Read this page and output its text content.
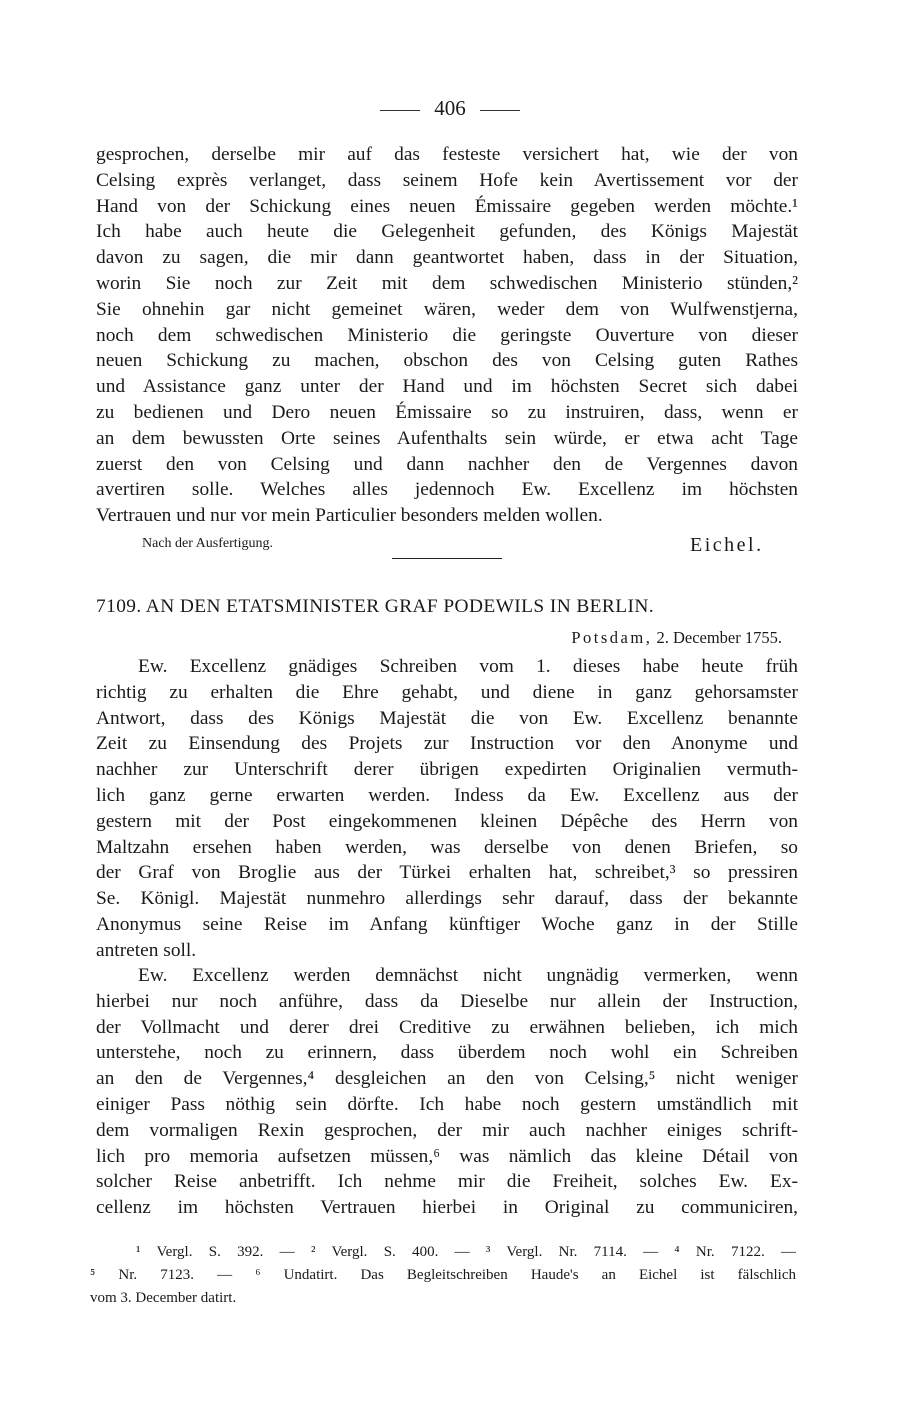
406
gesprochen, derselbe mir auf das festeste versichert hat, wie der von
Celsing exprès verlanget, dass seinem Hofe kein Avertissement vor der
Hand von der Schickung eines neuen Émissaire gegeben werden möchte.¹
Ich habe auch heute die Gelegenheit gefunden, des Königs Majestät
davon zu sagen, die mir dann geantwortet haben, dass in der Situation,
worin Sie noch zur Zeit mit dem schwedischen Ministerio stünden,²
Sie ohnehin gar nicht gemeinet wären, weder dem von Wulfwenstjerna,
noch dem schwedischen Ministerio die geringste Ouverture von dieser
neuen Schickung zu machen, obschon des von Celsing guten Rathes
und Assistance ganz unter der Hand und im höchsten Secret sich dabei
zu bedienen und Dero neuen Émissaire so zu instruiren, dass, wenn er
an dem bewussten Orte seines Aufenthalts sein würde, er etwa acht Tage
zuerst den von Celsing und dann nachher den de Vergennes davon
avertiren solle. Welches alles jedennoch Ew. Excellenz im höchsten
Vertrauen und nur vor mein Particulier besonders melden wollen.
Nach der Ausfertigung.	Eichel.
7109. AN DEN ETATSMINISTER GRAF PODEWILS IN BERLIN.
Potsdam, 2. December 1755.
Ew. Excellenz gnädiges Schreiben vom 1. dieses habe heute früh
richtig zu erhalten die Ehre gehabt, und diene in ganz gehorsamster
Antwort, dass des Königs Majestät die von Ew. Excellenz benannte
Zeit zu Einsendung des Projets zur Instruction vor den Anonyme und
nachher zur Unterschrift derer übrigen expedirten Originalien vermuth-
lich ganz gerne erwarten werden. Indess da Ew. Excellenz aus der
gestern mit der Post eingekommenen kleinen Dépêche des Herrn von
Maltzahn ersehen haben werden, was derselbe von denen Briefen, so
der Graf von Broglie aus der Türkei erhalten hat, schreibet,³ so pressiren
Se. Königl. Majestät nunmehro allerdings sehr darauf, dass der bekannte
Anonymus seine Reise im Anfang künftiger Woche ganz in der Stille
antreten soll.
Ew. Excellenz werden demnächst nicht ungnädig vermerken, wenn
hierbei nur noch anführe, dass da Dieselbe nur allein der Instruction,
der Vollmacht und derer drei Creditive zu erwähnen belieben, ich mich
unterstehe, noch zu erinnern, dass überdem noch wohl ein Schreiben
an den de Vergennes,⁴ desgleichen an den von Celsing,⁵ nicht weniger
einiger Pass nöthig sein dörfte. Ich habe noch gestern umständlich mit
dem vormaligen Rexin gesprochen, der mir auch nachher einiges schrift-
lich pro memoria aufsetzen müssen,⁶ was nämlich das kleine Détail von
solcher Reise anbetrifft. Ich nehme mir die Freiheit, solches Ew. Ex-
cellenz im höchsten Vertrauen hierbei in Original zu communiciren,
¹ Vergl. S. 392. — ² Vergl. S. 400. — ³ Vergl. Nr. 7114. — ⁴ Nr. 7122. —
⁵ Nr. 7123. — ⁶ Undatirt. Das Begleitschreiben Haude's an Eichel ist fälschlich
vom 3. December datirt.
